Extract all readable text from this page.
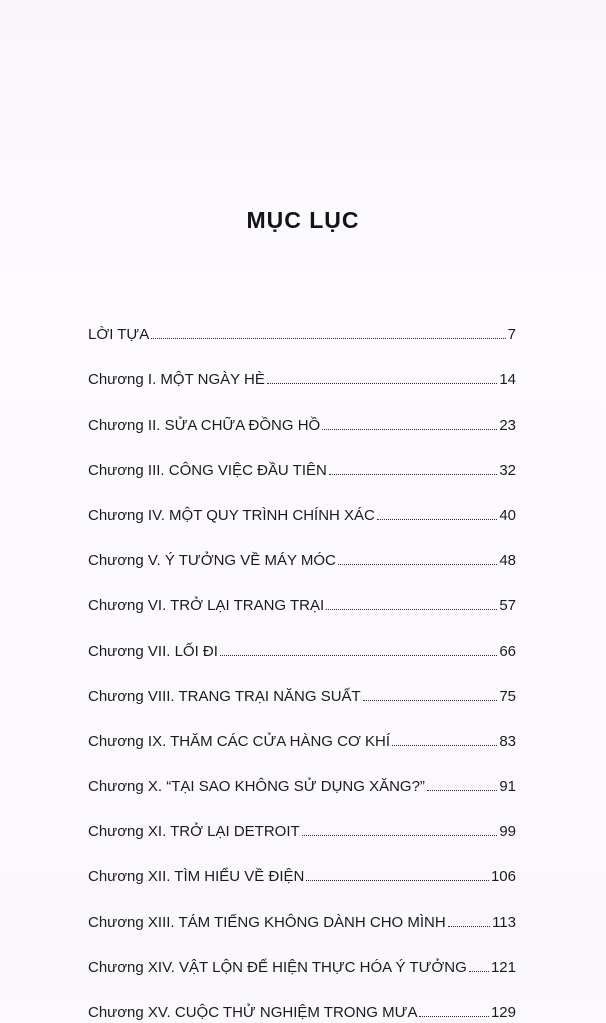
MỤC LỤC
LỜI TỰA	7
Chương I. MỘT NGÀY HÈ	14
Chương II. SỬA CHỮA ĐỒNG HỒ	23
Chương III. CÔNG VIỆC ĐẦU TIÊN	32
Chương IV. MỘT QUY TRÌNH CHÍNH XÁC	40
Chương V. Ý TƯỞNG VỀ MÁY MÓC	48
Chương VI. TRỞ LẠI TRANG TRẠI	57
Chương VII. LỐI ĐI	66
Chương VIII. TRANG TRẠI NĂNG SUẤT	75
Chương IX. THĂM CÁC CỬA HÀNG CƠ KHÍ	83
Chương X. “TẠI SAO KHÔNG SỬ DỤNG XĂNG?”	91
Chương XI. TRỞ LẠI DETROIT	99
Chương XII. TÌM HIỂU VỀ ĐIỆN	106
Chương XIII. TÁM TIẾNG KHÔNG DÀNH CHO MÌNH	113
Chương XIV. VẬT LỘN ĐỂ HIỆN THỰC HÓA Ý TƯỞNG 121
Chương XV. CUỘC THỬ NGHIỆM TRONG MƯA	129
